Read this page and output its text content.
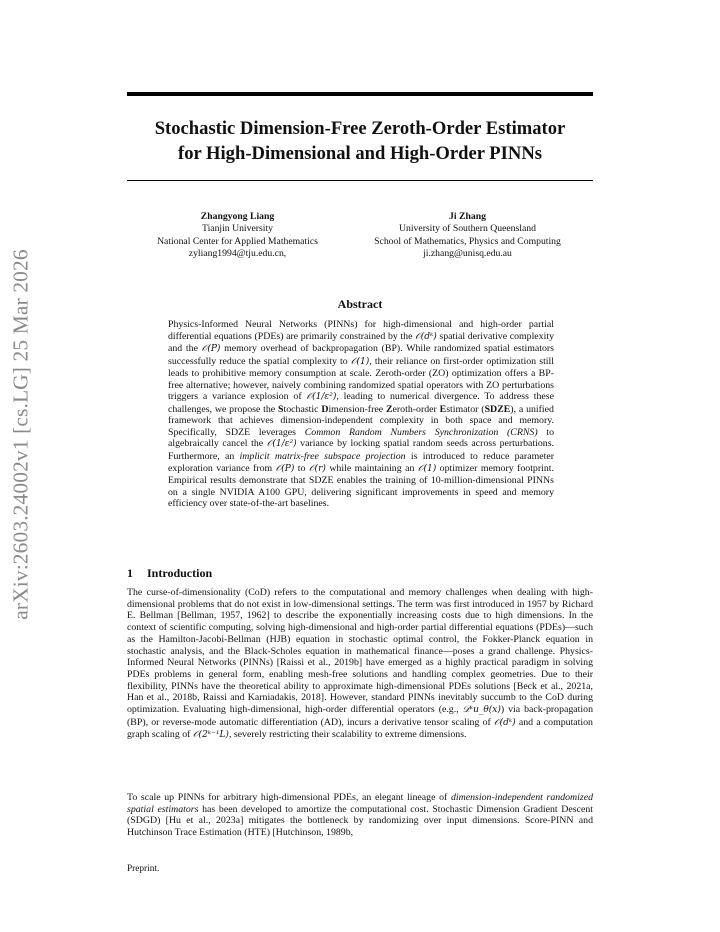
arXiv:2603.24002v1 [cs.LG] 25 Mar 2026
Stochastic Dimension-Free Zeroth-Order Estimator
for High-Dimensional and High-Order PINNs
Zhangyong Liang
Tianjin University
National Center for Applied Mathematics
zyliang1994@tju.edu.cn,
Ji Zhang
University of Southern Queensland
School of Mathematics, Physics and Computing
ji.zhang@unisq.edu.au
Abstract

Physics-Informed Neural Networks (PINNs) for high-dimensional and high-order partial differential equations (PDEs) are primarily constrained by the 𝒪(dᵏ) spatial derivative complexity and the 𝒪(P) memory overhead of backpropagation (BP). While randomized spatial estimators successfully reduce the spatial complexity to 𝒪(1), their reliance on first-order optimization still leads to prohibitive memory consumption at scale. Zeroth-order (ZO) optimization offers a BP-free alternative; however, naively combining randomized spatial operators with ZO perturbations triggers a variance explosion of 𝒪(1/ε²), leading to numerical divergence. To address these challenges, we propose the Stochastic Dimension-free Zeroth-order Estimator (SDZE), a unified framework that achieves dimension-independent complexity in both space and memory. Specifically, SDZE leverages Common Random Numbers Synchronization (CRNS) to algebraically cancel the 𝒪(1/ε²) variance by locking spatial random seeds across perturbations. Furthermore, an implicit matrix-free subspace projection is introduced to reduce parameter exploration variance from 𝒪(P) to 𝒪(r) while maintaining an 𝒪(1) optimizer memory footprint. Empirical results demonstrate that SDZE enables the training of 10-million-dimensional PINNs on a single NVIDIA A100 GPU, delivering significant improvements in speed and memory efficiency over state-of-the-art baselines.

1 Introduction

The curse-of-dimensionality (CoD) refers to the computational and memory challenges when dealing with high-dimensional problems that do not exist in low-dimensional settings. The term was first introduced in 1957 by Richard E. Bellman [Bellman, 1957, 1962] to describe the exponentially increasing costs due to high dimensions. In the context of scientific computing, solving high-dimensional and high-order partial differential equations (PDEs)—such as the Hamilton-Jacobi-Bellman (HJB) equation in stochastic optimal control, the Fokker-Planck equation in stochastic analysis, and the Black-Scholes equation in mathematical finance—poses a grand challenge. Physics-Informed Neural Networks (PINNs) [Raissi et al., 2019b] have emerged as a highly practical paradigm in solving PDEs problems in general form, enabling mesh-free solutions and handling complex geometries. Due to their flexibility, PINNs have the theoretical ability to approximate high-dimensional PDEs solutions [Beck et al., 2021a, Han et al., 2018b, Raissi and Karniadakis, 2018]. However, standard PINNs inevitably succumb to the CoD during optimization. Evaluating high-dimensional, high-order differential operators (e.g., 𝒟ᵏu_θ(x)) via back-propagation (BP), or reverse-mode automatic differentiation (AD), incurs a derivative tensor scaling of 𝒪(dᵏ) and a computation graph scaling of 𝒪(2ᵏ⁻¹L), severely restricting their scalability to extreme dimensions.

To scale up PINNs for arbitrary high-dimensional PDEs, an elegant lineage of dimension-independent randomized spatial estimators has been developed to amortize the computational cost. Stochastic Dimension Gradient Descent (SDGD) [Hu et al., 2023a] mitigates the bottleneck by randomizing over input dimensions. Score-PINN and Hutchinson Trace Estimation (HTE) [Hutchinson, 1989b,

Preprint.
